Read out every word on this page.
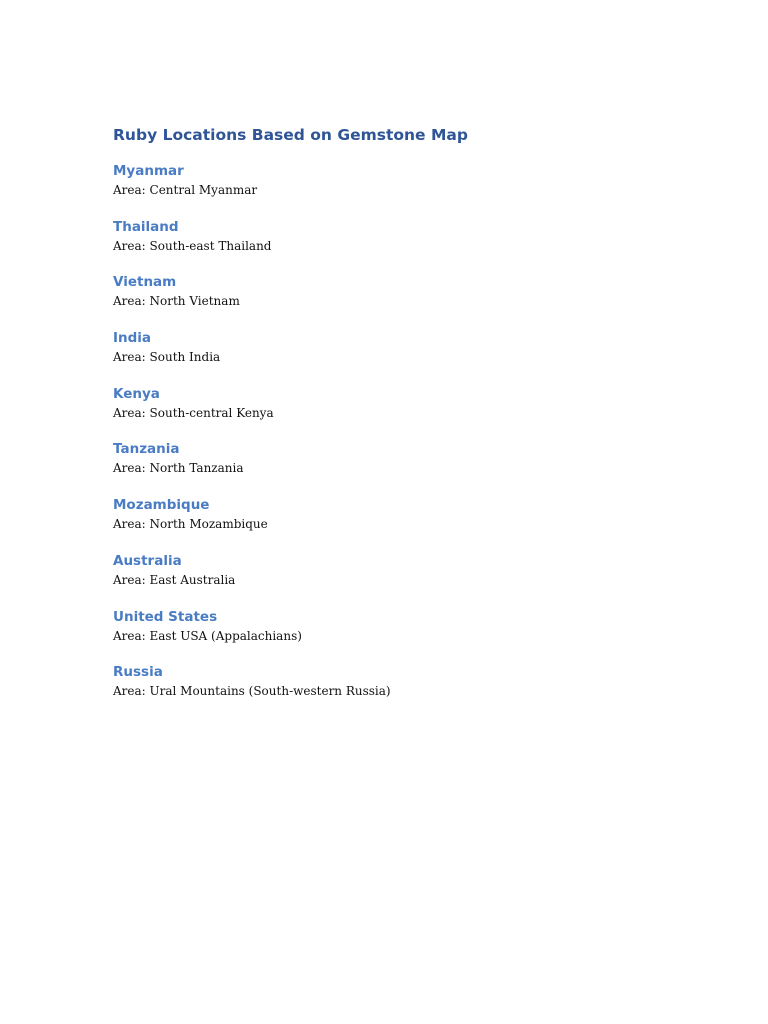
Ruby Locations Based on Gemstone Map
Myanmar

Area: Central Myanmar

Thailand

Area: South-east Thailand

Vietnam

Area: North Vietnam

India

Area: South India

Kenya

Area: South-central Kenya

Tanzania

Area: North Tanzania

Mozambique

Area: North Mozambique

Australia

Area: East Australia

United States

Area: East USA (Appalachians)

Russia

Area: Ural Mountains (South-western Russia)
